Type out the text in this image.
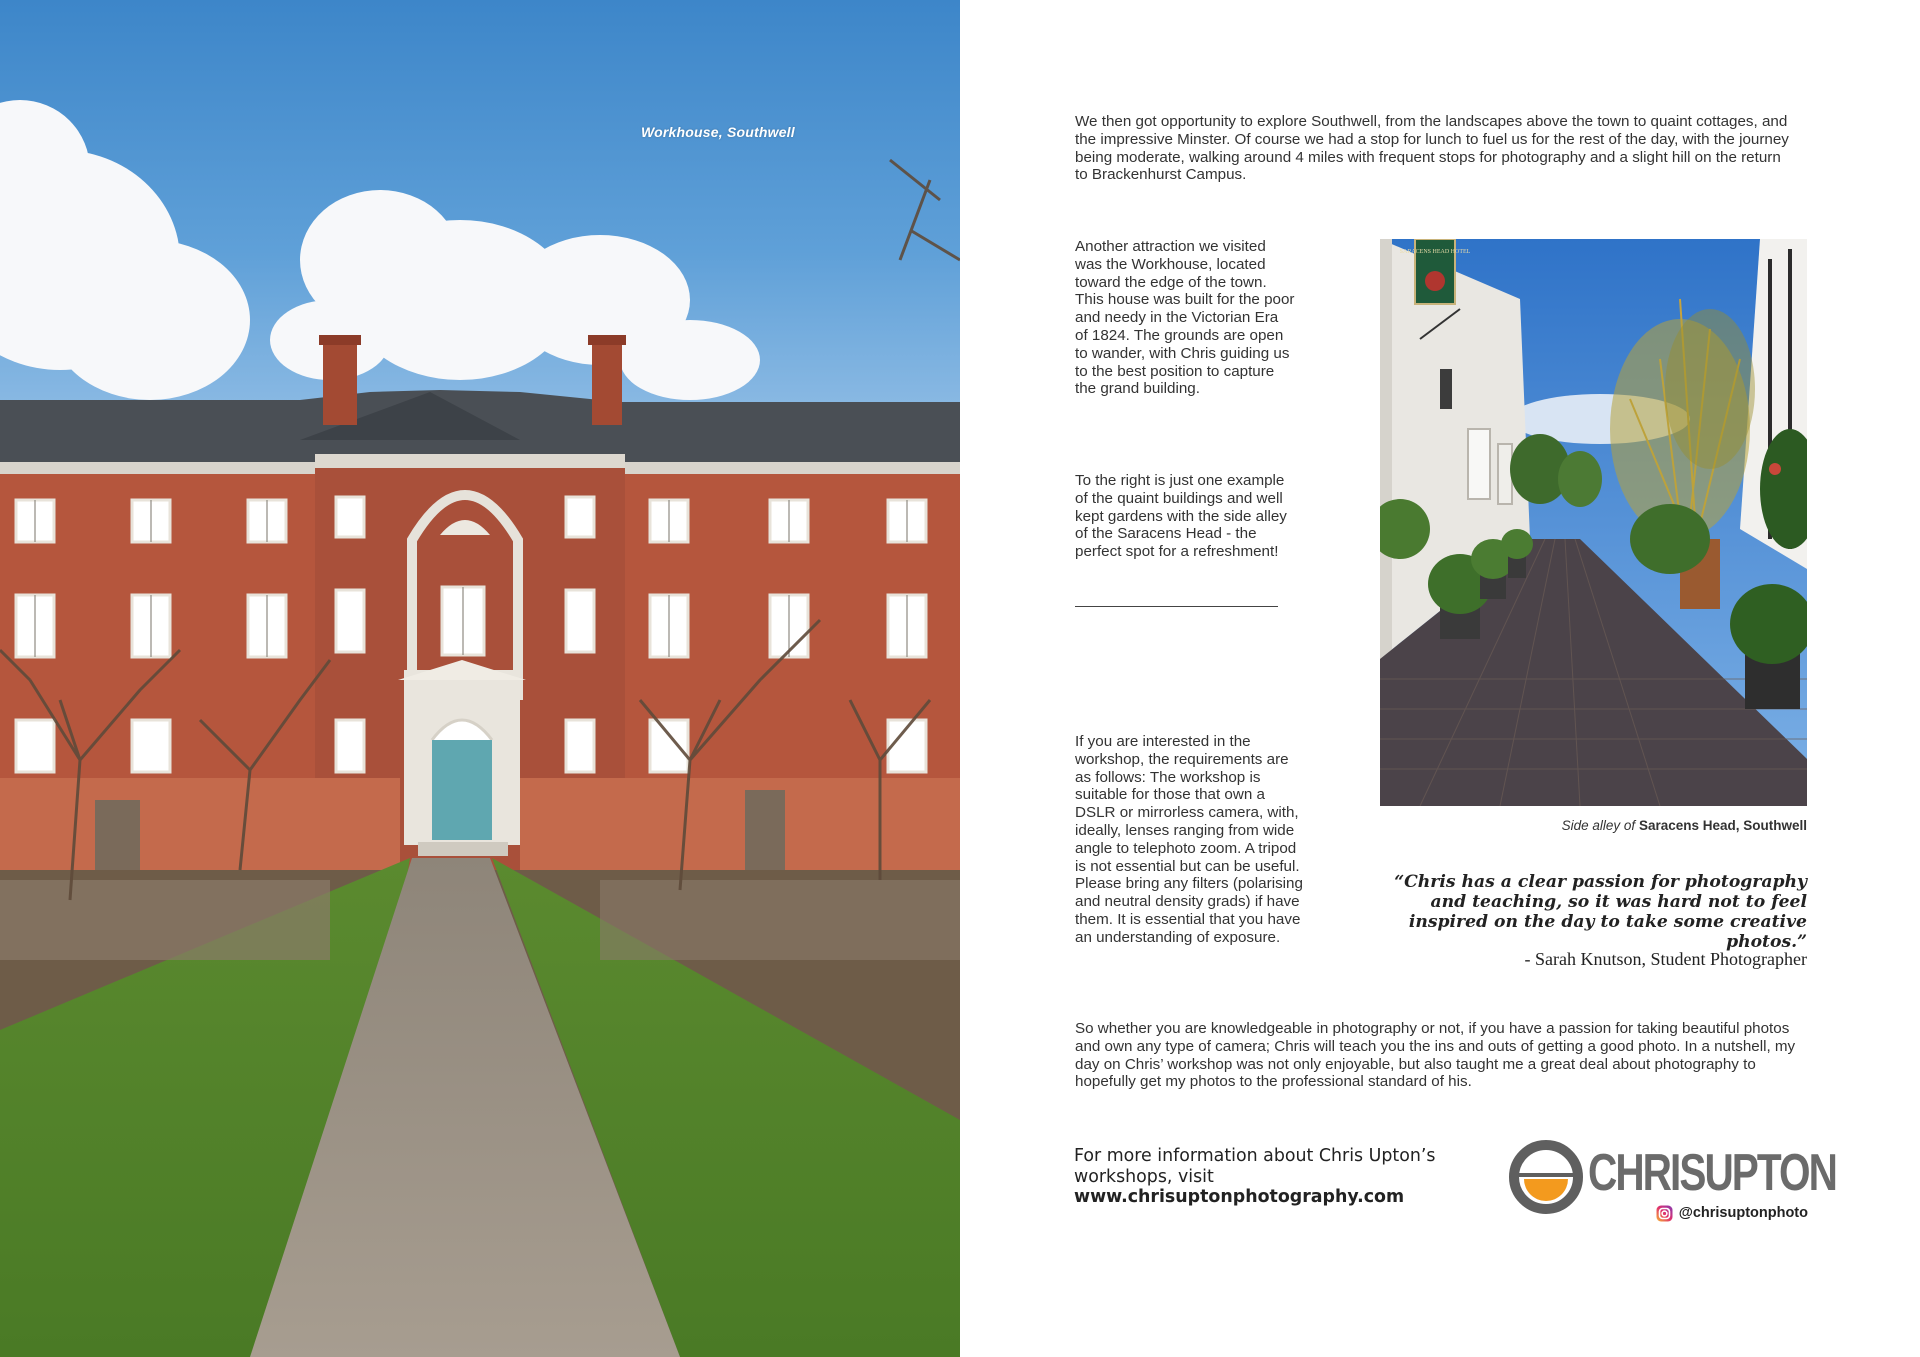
Workhouse, Southwell

We then got opportunity to explore Southwell, from the landscapes above the town to quaint cottages, and the impressive Minster. Of course we had a stop for lunch to fuel us for the rest of the day, with the journey being moderate, walking around 4 miles with frequent stops for photography and a slight hill on the return to Brackenhurst Campus.

Another attraction we visited was the Workhouse, located toward the edge of the town. This house was built for the poor and needy in the Victorian Era of 1824. The grounds are open to wander, with Chris guiding us to the best position to capture the grand building.

To the right is just one example of the quaint buildings and well kept gardens with the side alley of the Saracens Head - the perfect spot for a refreshment!

If you are interested in the workshop, the requirements are as follows: The workshop is suitable for those that own a DSLR or mirrorless camera, with, ideally, lenses ranging from wide angle to telephoto zoom. A tripod is not essential but can be useful. Please bring any filters (polarising and neutral density grads) if have them. It is essential that you have an understanding of exposure.

So whether you are knowledgeable in photography or not, if you have a passion for taking beautiful photos and own any type of camera; Chris will teach you the ins and outs of getting a good photo. In a nutshell, my day on Chris’ workshop was not only enjoyable, but also taught me a great deal about photography to hopefully get my photos to the professional standard of his.

SARACENS HEAD HOTEL
Side alley of Saracens Head, Southwell

“Chris has a clear passion for photography and teaching, so it was hard not to feel inspired on the day to take some creative photos.”

- Sarah Knutson, Student Photographer
For more information about Chris Upton’s workshops, visit
www.chrisuptonphotography.com	CHRISUPTON
@chrisuptonphoto
